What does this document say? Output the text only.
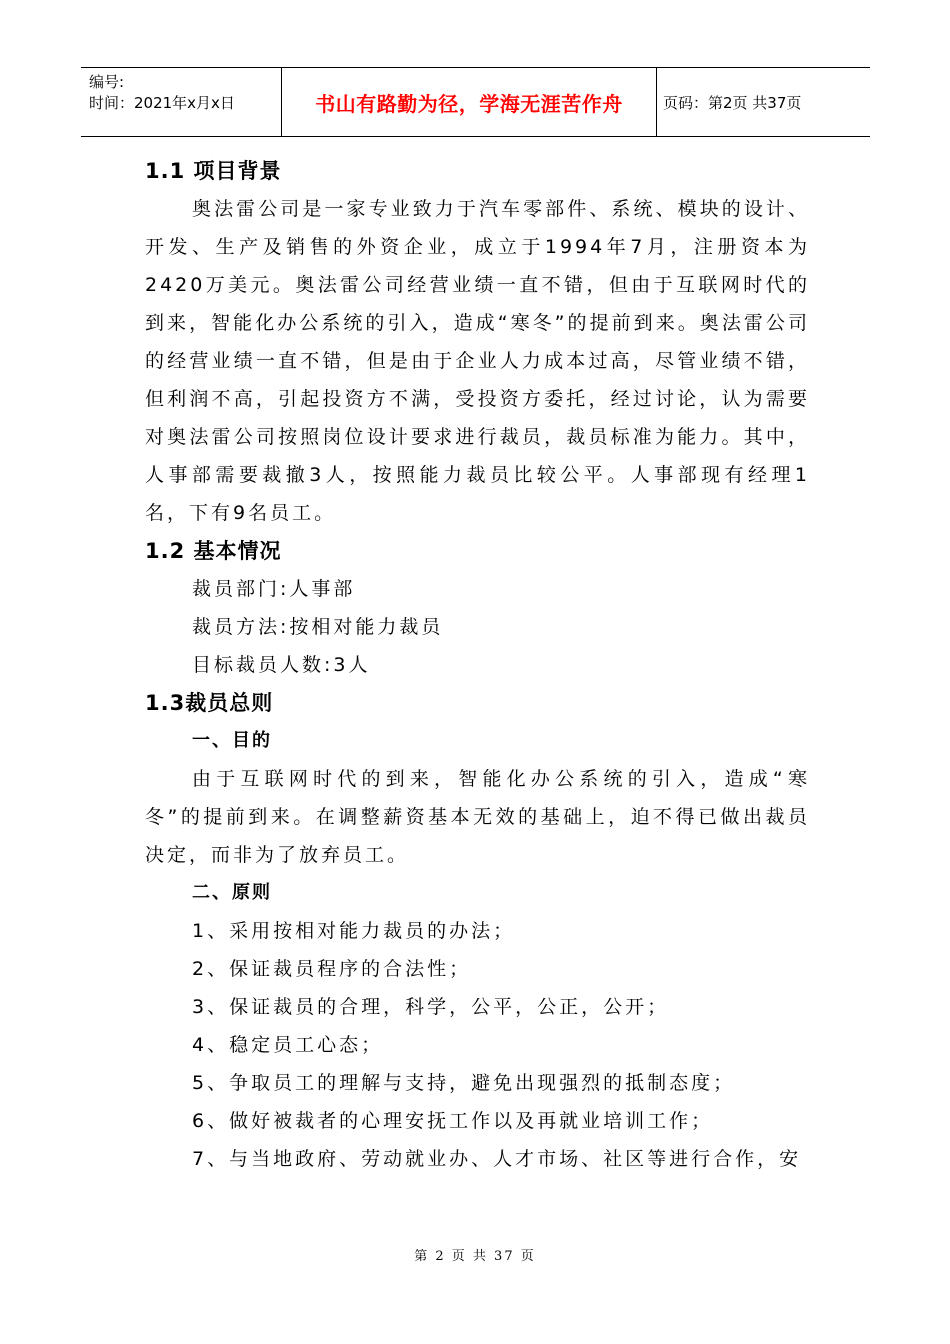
编号:
时间：2021年x月x日	书山有路勤为径，学海无涯苦作舟	页码：第2页 共37页
1.1 项目背景

奥法雷公司是一家专业致力于汽车零部件、系统、模块的设计、开发、生产及销售的外资企业，成立于1994年7月，注册资本为2420万美元。奥法雷公司经营业绩一直不错，但由于互联网时代的到来，智能化办公系统的引入，造成“寒冬”的提前到来。奥法雷公司的经营业绩一直不错，但是由于企业人力成本过高，尽管业绩不错，但利润不高，引起投资方不满，受投资方委托，经过讨论，认为需要对奥法雷公司按照岗位设计要求进行裁员，裁员标准为能力。其中，人事部需要裁撤3人，按照能力裁员比较公平。人事部现有经理1名，下有9名员工。

1.2 基本情况
裁员部门:人事部
裁员方法:按相对能力裁员
目标裁员人数:3人
1.3裁员总则
一、目的

由于互联网时代的到来，智能化办公系统的引入，造成“寒冬”的提前到来。在调整薪资基本无效的基础上，迫不得已做出裁员决定，而非为了放弃员工。

二、原则
1、采用按相对能力裁员的办法；
2、保证裁员程序的合法性；
3、保证裁员的合理，科学，公平，公正，公开；
4、稳定员工心态；
5、争取员工的理解与支持，避免出现强烈的抵制态度；
6、做好被裁者的心理安抚工作以及再就业培训工作；
7、与当地政府、劳动就业办、人才市场、社区等进行合作，安
第 2 页 共 37 页
